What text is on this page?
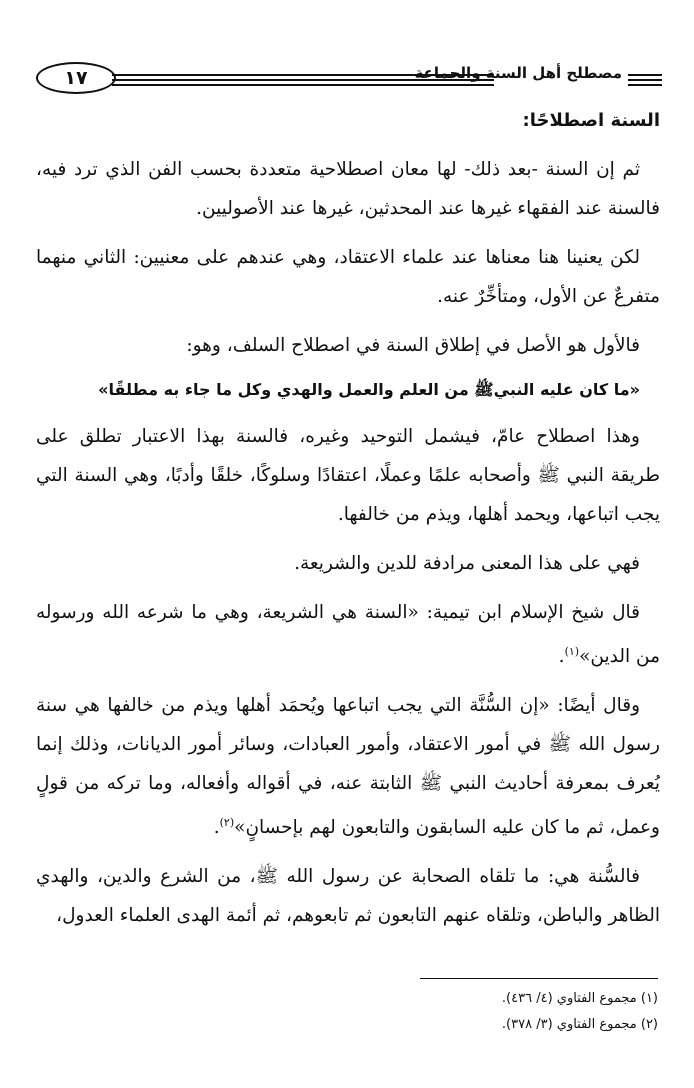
١٧	مصطلح أهل السنة والجماعة

السنة اصطلاحًا:

ثم إن السنة -بعد ذلك- لها معان اصطلاحية متعددة بحسب الفن الذي ترد فيه، فالسنة عند الفقهاء غيرها عند المحدثين، غيرها عند الأصوليين.

لكن يعنينا هنا معناها عند علماء الاعتقاد، وهي عندهم على معنيين: الثاني منهما متفرعٌ عن الأول، ومتأخِّرٌ عنه.

فالأول هو الأصل في إطلاق السنة في اصطلاح السلف، وهو:

«ما كان عليه النبيﷺ من العلم والعمل والهدي وكل ما جاء به مطلقًا»

وهذا اصطلاح عامّ، فيشمل التوحيد وغيره، فالسنة بهذا الاعتبار تطلق على طريقة النبي ﷺ وأصحابه علمًا وعملًا، اعتقادًا وسلوكًا، خلقًا وأدبًا، وهي السنة التي يجب اتباعها، ويحمد أهلها، ويذم من خالفها.

فهي على هذا المعنى مرادفة للدين والشريعة.

قال شيخ الإسلام ابن تيمية: «السنة هي الشريعة، وهي ما شرعه الله ورسوله من الدين»$^{(١)}$.

وقال أيضًا: «إن السُّنَّة التي يجب اتباعها ويُحمَد أهلها ويذم من خالفها هي سنة رسول الله ﷺ في أمور الاعتقاد، وأمور العبادات، وسائر أمور الديانات، وذلك إنما يُعرف بمعرفة أحاديث النبي ﷺ الثابتة عنه، في أقواله وأفعاله، وما تركه من قولٍ وعمل، ثم ما كان عليه السابقون والتابعون لهم بإحسانٍ»$^{(٢)}$.

فالسُّنة هي: ما تلقاه الصحابة عن رسول الله ﷺ، من الشرع والدين، والهدي الظاهر والباطن، وتلقاه عنهم التابعون ثم تابعوهم، ثم أئمة الهدى العلماء العدول،

(١) مجموع الفتاوي (٤/ ٤٣٦).

(٢) مجموع الفتاوي (٣/ ٣٧٨).
